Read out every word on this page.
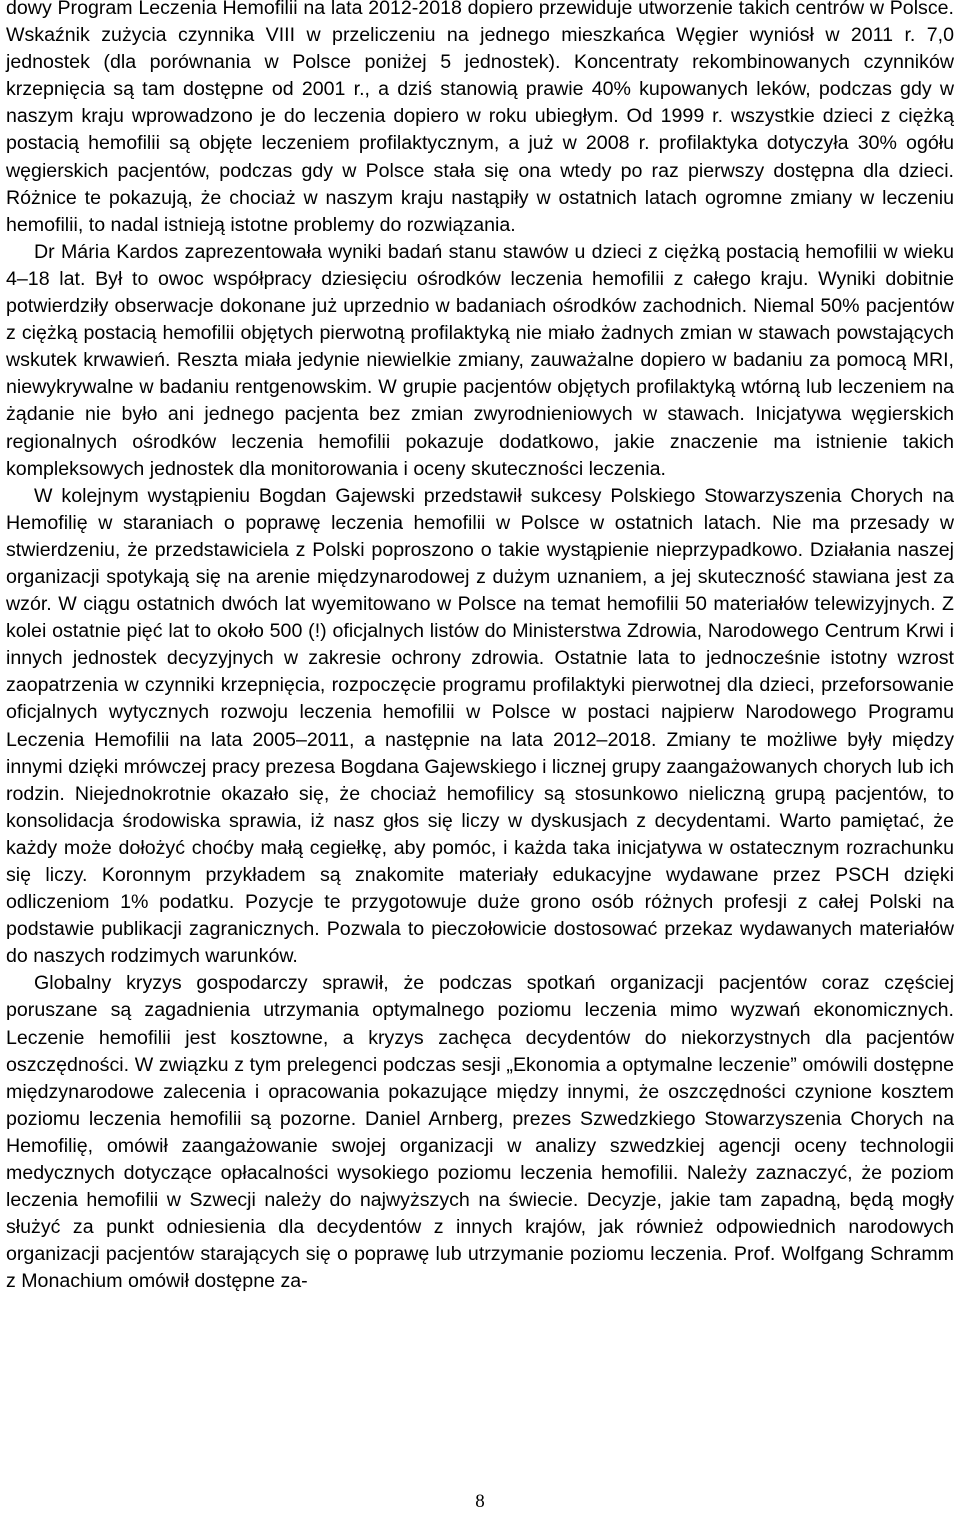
dowy Program Leczenia Hemofilii na lata 2012-2018 dopiero przewiduje utworzenie takich centrów w Polsce. Wskaźnik zużycia czynnika VIII w przeliczeniu na jednego mieszkańca Węgier wyniósł w 2011 r. 7,0 jednostek (dla porównania w Polsce poniżej 5 jednostek). Koncentraty rekombinowanych czynników krzepnięcia są tam dostępne od 2001 r., a dziś stanowią prawie 40% kupowanych leków, podczas gdy w naszym kraju wprowadzono je do leczenia dopiero w roku ubiegłym. Od 1999 r. wszystkie dzieci z ciężką postacią hemofilii są objęte leczeniem profilaktycznym, a już w 2008 r. profilaktyka dotyczyła 30% ogółu węgierskich pacjentów, podczas gdy w Polsce stała się ona wtedy po raz pierwszy dostępna dla dzieci. Różnice te pokazują, że chociaż w naszym kraju nastąpiły w ostatnich latach ogromne zmiany w leczeniu hemofilii, to nadal istnieją istotne problemy do rozwiązania.

Dr Mária Kardos zaprezentowała wyniki badań stanu stawów u dzieci z ciężką postacią hemofilii w wieku 4–18 lat. Był to owoc współpracy dziesięciu ośrodków leczenia hemofilii z całego kraju. Wyniki dobitnie potwierdziły obserwacje dokonane już uprzednio w badaniach ośrodków zachodnich. Niemal 50% pacjentów z ciężką postacią hemofilii objętych pierwotną profilaktyką nie miało żadnych zmian w stawach powstających wskutek krwawień. Reszta miała jedynie niewielkie zmiany, zauważalne dopiero w badaniu za pomocą MRI, niewykrywalne w badaniu rentgenowskim. W grupie pacjentów objętych profilaktyką wtórną lub leczeniem na żądanie nie było ani jednego pacjenta bez zmian zwyrodnieniowych w stawach. Inicjatywa węgierskich regionalnych ośrodków leczenia hemofilii pokazuje dodatkowo, jakie znaczenie ma istnienie takich kompleksowych jednostek dla monitorowania i oceny skuteczności leczenia.

W kolejnym wystąpieniu Bogdan Gajewski przedstawił sukcesy Polskiego Stowarzyszenia Chorych na Hemofilię w staraniach o poprawę leczenia hemofilii w Polsce w ostatnich latach. Nie ma przesady w stwierdzeniu, że przedstawiciela z Polski poproszono o takie wystąpienie nieprzypadkowo. Działania naszej organizacji spotykają się na arenie międzynarodowej z dużym uznaniem, a jej skuteczność stawiana jest za wzór. W ciągu ostatnich dwóch lat wyemitowano w Polsce na temat hemofilii 50 materiałów telewizyjnych. Z kolei ostatnie pięć lat to około 500 (!) oficjalnych listów do Ministerstwa Zdrowia, Narodowego Centrum Krwi i innych jednostek decyzyjnych w zakresie ochrony zdrowia. Ostatnie lata to jednocześnie istotny wzrost zaopatrzenia w czynniki krzepnięcia, rozpoczęcie programu profilaktyki pierwotnej dla dzieci, przeforsowanie oficjalnych wytycznych rozwoju leczenia hemofilii w Polsce w postaci najpierw Narodowego Programu Leczenia Hemofilii na lata 2005–2011, a następnie na lata 2012–2018. Zmiany te możliwe były między innymi dzięki mrówczej pracy prezesa Bogdana Gajewskiego i licznej grupy zaangażowanych chorych lub ich rodzin. Niejednokrotnie okazało się, że chociaż hemofilicy są stosunkowo nieliczną grupą pacjentów, to konsolidacja środowiska sprawia, iż nasz głos się liczy w dyskusjach z decydentami. Warto pamiętać, że każdy może dołożyć choćby małą cegiełkę, aby pomóc, i każda taka inicjatywa w ostatecznym rozrachunku się liczy. Koronnym przykładem są znakomite materiały edukacyjne wydawane przez PSCH dzięki odliczeniom 1% podatku. Pozycje te przygotowuje duże grono osób różnych profesji z całej Polski na podstawie publikacji zagranicznych. Pozwala to pieczołowicie dostosować przekaz wydawanych materiałów do naszych rodzimych warunków.

Globalny kryzys gospodarczy sprawił, że podczas spotkań organizacji pacjentów coraz częściej poruszane są zagadnienia utrzymania optymalnego poziomu leczenia mimo wyzwań ekonomicznych. Leczenie hemofilii jest kosztowne, a kryzys zachęca decydentów do niekorzystnych dla pacjentów oszczędności. W związku z tym prelegenci podczas sesji „Ekonomia a optymalne leczenie” omówili dostępne międzynarodowe zalecenia i opracowania pokazujące między innymi, że oszczędności czynione kosztem poziomu leczenia hemofilii są pozorne. Daniel Arnberg, prezes Szwedzkiego Stowarzyszenia Chorych na Hemofilię, omówił zaangażowanie swojej organizacji w analizy szwedzkiej agencji oceny technologii medycznych dotyczące opłacalności wysokiego poziomu leczenia hemofilii. Należy zaznaczyć, że poziom leczenia hemofilii w Szwecji należy do najwyższych na świecie. Decyzje, jakie tam zapadną, będą mogły służyć za punkt odniesienia dla decydentów z innych krajów, jak również odpowiednich narodowych organizacji pacjentów starających się o poprawę lub utrzymanie poziomu leczenia. Prof. Wolfgang Schramm z Monachium omówił dostępne za-

8
